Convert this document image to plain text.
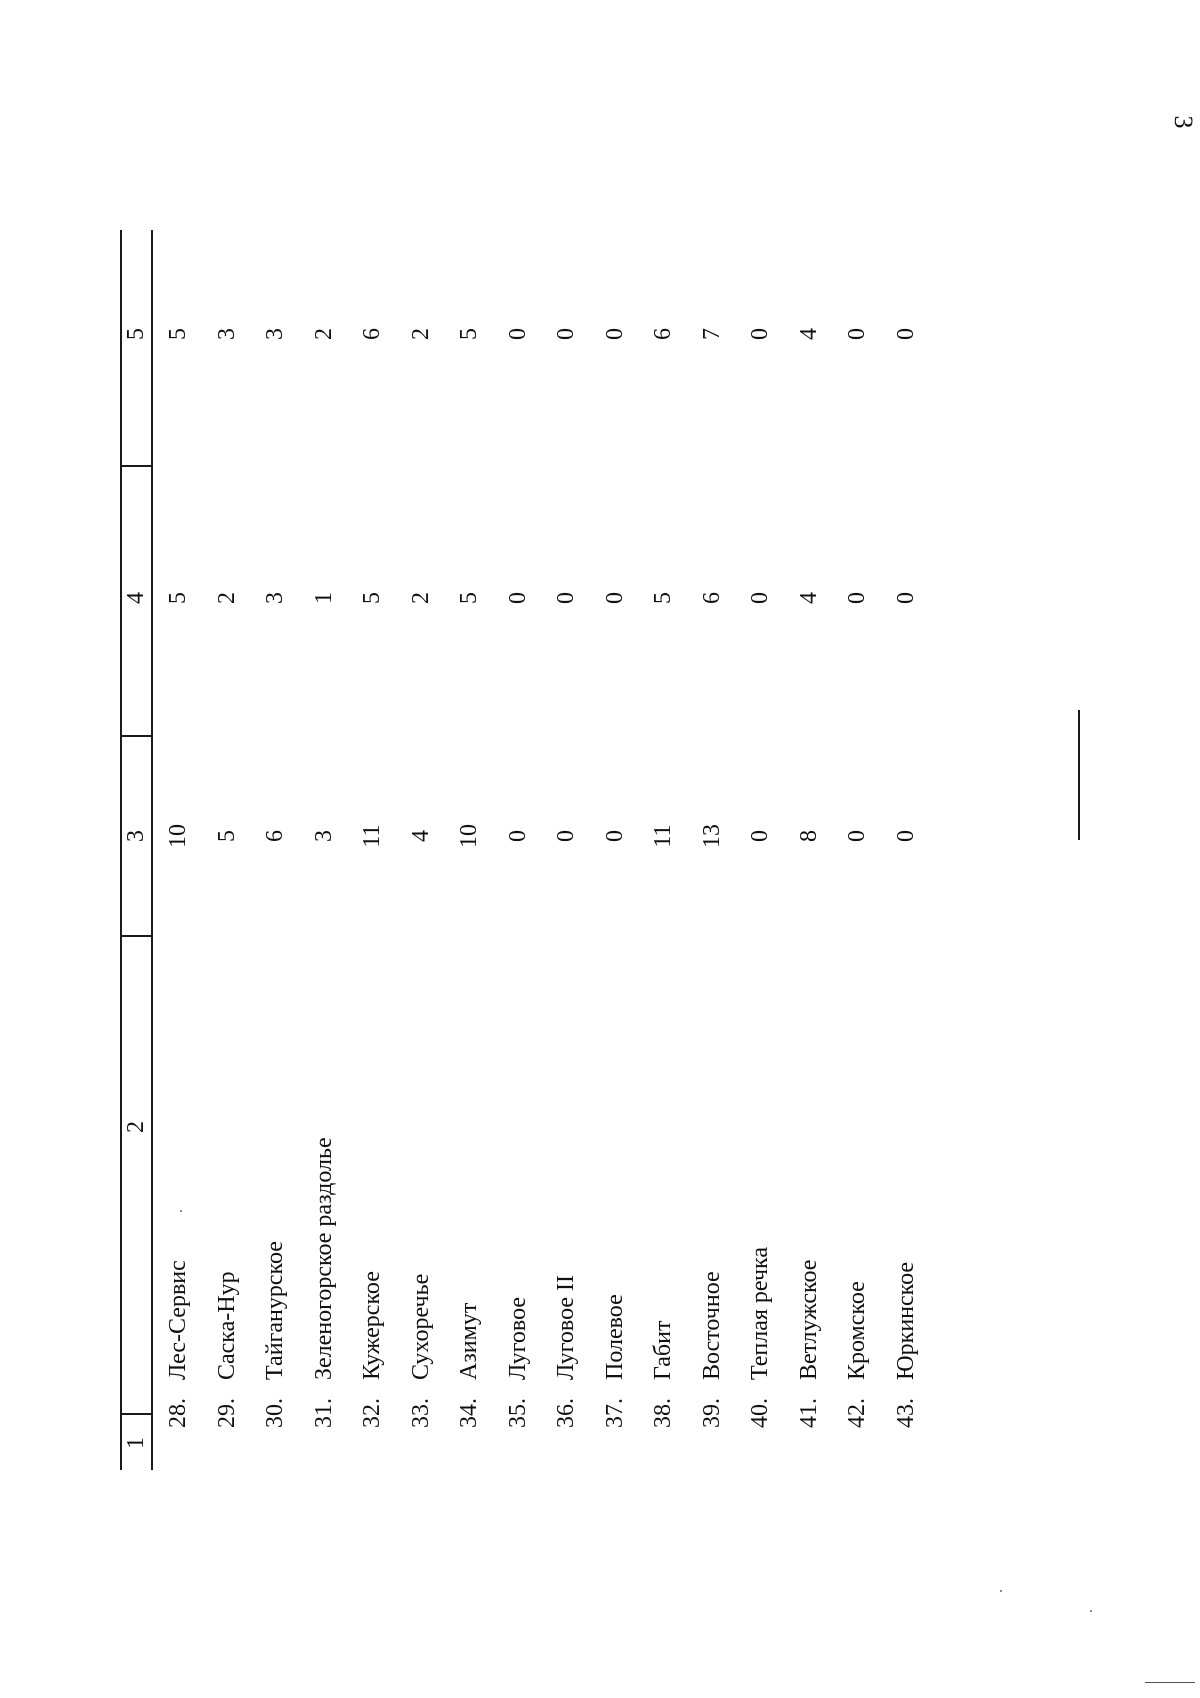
3
1
2
3
4
5
28.
Лес-Сервис
10
5
5
29.
Саска-Нур
5
2
3
30.
Тайганурское
6
3
3
31.
Зеленогорское раздолье
3
1
2
32.
Кужерское
11
5
6
33.
Сухоречье
4
2
2
34.
Азимут
10
5
5
35.
Луговое
0
0
0
36.
Луговое II
0
0
0
37.
Полевое
0
0
0
38.
Габит
11
5
6
39.
Восточное
13
6
7
40.
Теплая речка
0
0
0
41.
Ветлужское
8
4
4
42.
Кромское
0
0
0
43.
Юркинское
0
0
0
